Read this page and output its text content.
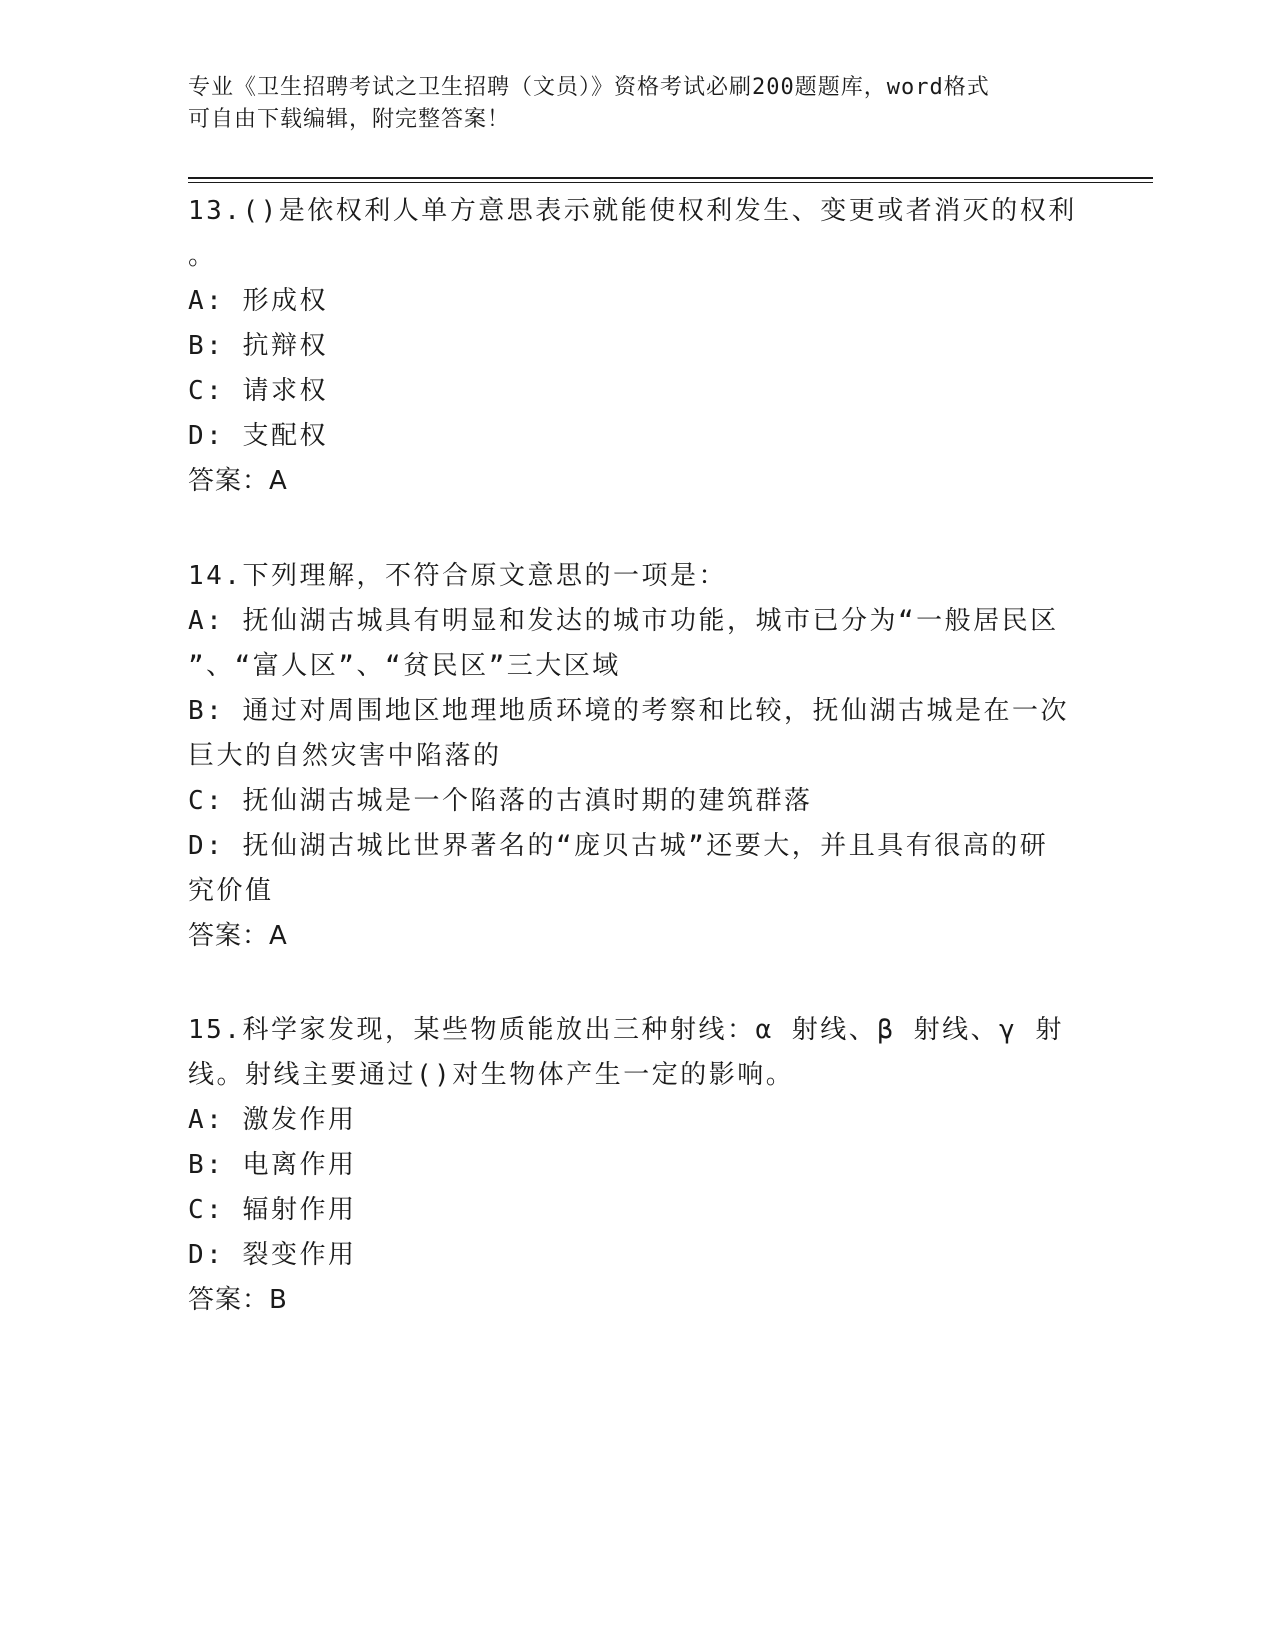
专业《卫生招聘考试之卫生招聘（文员）》资格考试必刷200题题库，word格式
可自由下载编辑，附完整答案！

13.()是依权利人单方意思表示就能使权利发生、变更或者消灭的权利

。

A: 形成权

B: 抗辩权

C: 请求权

D: 支配权

答案：A

14.下列理解，不符合原文意思的一项是：

A: 抚仙湖古城具有明显和发达的城市功能，城市已分为“一般居民区

”、“富人区”、“贫民区”三大区域

B: 通过对周围地区地理地质环境的考察和比较，抚仙湖古城是在一次

巨大的自然灾害中陷落的

C: 抚仙湖古城是一个陷落的古滇时期的建筑群落

D: 抚仙湖古城比世界著名的“庞贝古城”还要大，并且具有很高的研

究价值

答案：A

15.科学家发现，某些物质能放出三种射线：α 射线、β 射线、γ 射

线。射线主要通过()对生物体产生一定的影响。

A: 激发作用

B: 电离作用

C: 辐射作用

D: 裂变作用

答案：B
